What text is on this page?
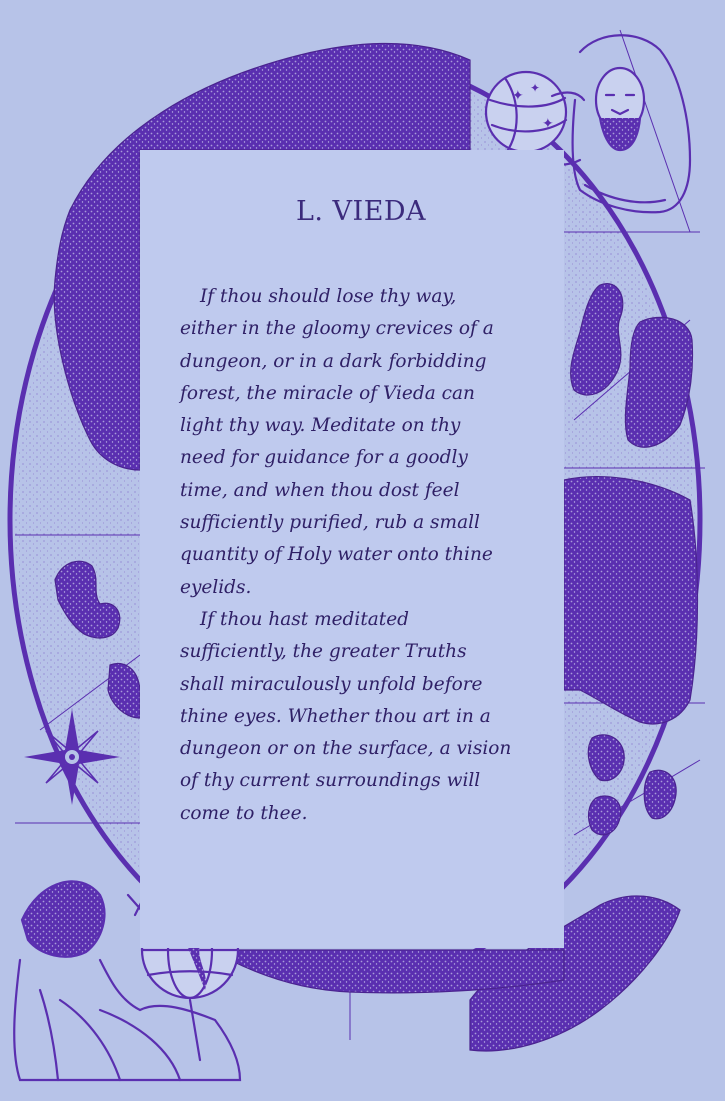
✦ ✦
✦
L. VIEDA

If thou should lose thy way,
either in the gloomy crevices of a
dungeon, or in a dark forbidding
forest, the miracle of Vieda can
light thy way. Meditate on thy
need for guidance for a goodly
time, and when thou dost feel
sufficiently purified, rub a small
quantity of Holy water onto thine
eyelids.

If thou hast meditated
sufficiently, the greater Truths
shall miraculously unfold before
thine eyes. Whether thou art in a
dungeon or on the surface, a vision
of thy current surroundings will
come to thee.
